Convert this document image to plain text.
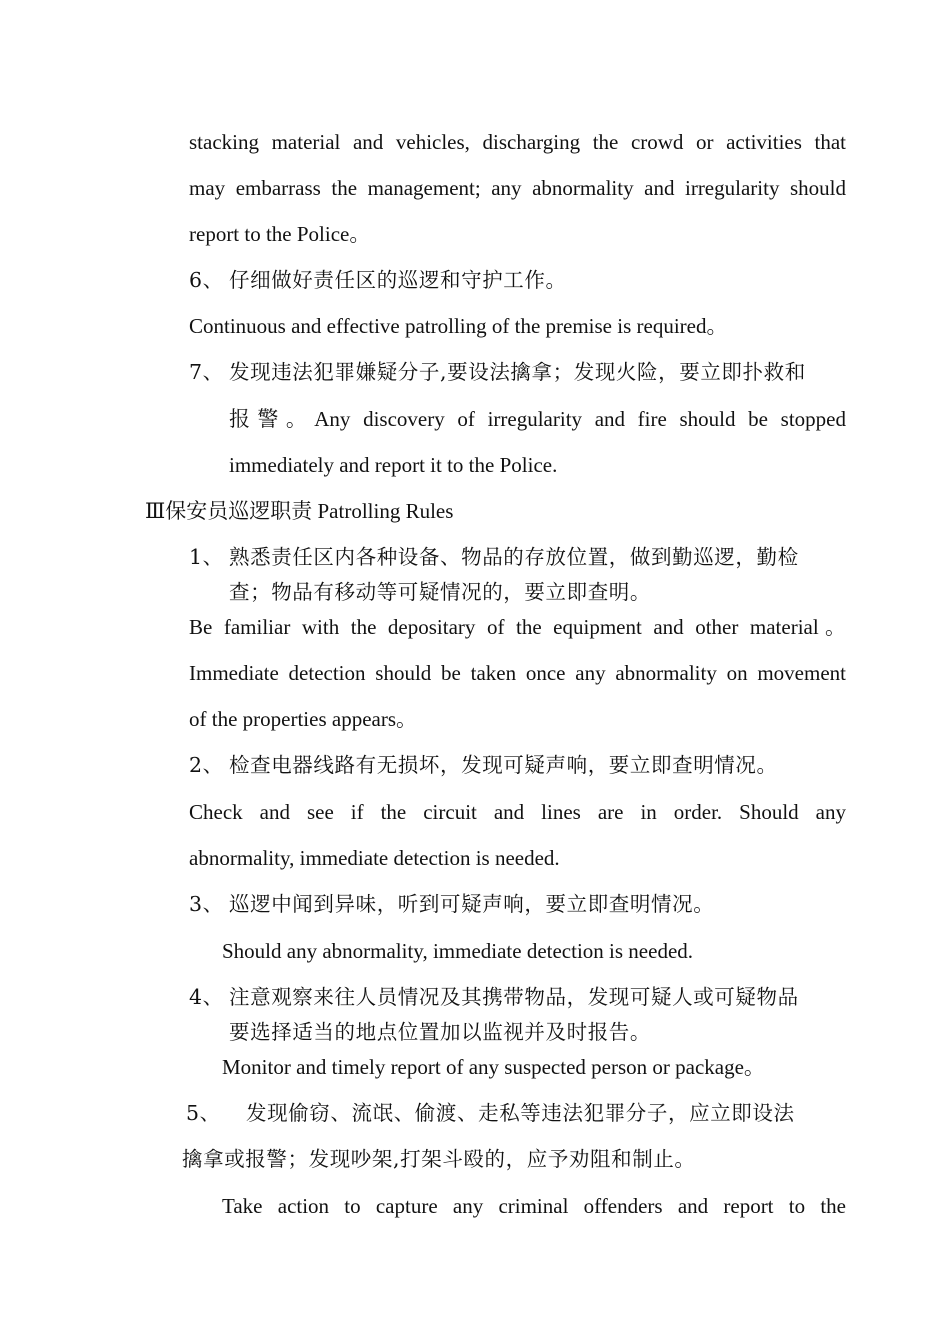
stacking material and vehicles, discharging the crowd or activities that
may embarrass the management; any abnormality and irregularity should
report to the Police。
6、 仔细做好责任区的巡逻和守护工作。
Continuous and effective patrolling of the premise is required。
7、 发现违法犯罪嫌疑分子,要设法擒拿；发现火险，要立即扑救和
报警。Any discovery of irregularity and fire should be stopped
immediately and report it to the Police.
Ⅲ保安员巡逻职责 Patrolling Rules
1、 熟悉责任区内各种设备、物品的存放位置，做到勤巡逻，勤检
查；物品有移动等可疑情况的，要立即查明。
Be familiar with the depositary of the equipment and other material。
Immediate detection should be taken once any abnormality on movement
of the properties appears。
2、 检查电器线路有无损坏，发现可疑声响，要立即查明情况。
Check and see if the circuit and lines are in order. Should any
abnormality, immediate detection is needed.
3、 巡逻中闻到异味，听到可疑声响，要立即查明情况。
Should any abnormality, immediate detection is needed.
4、 注意观察来往人员情况及其携带物品，发现可疑人或可疑物品
要选择适当的地点位置加以监视并及时报告。
Monitor and timely report of any suspected person or package。
5、 发现偷窃、流氓、偷渡、走私等违法犯罪分子，应立即设法
擒拿或报警；发现吵架,打架斗殴的，应予劝阻和制止。
Take action to capture any criminal offenders and report to the
